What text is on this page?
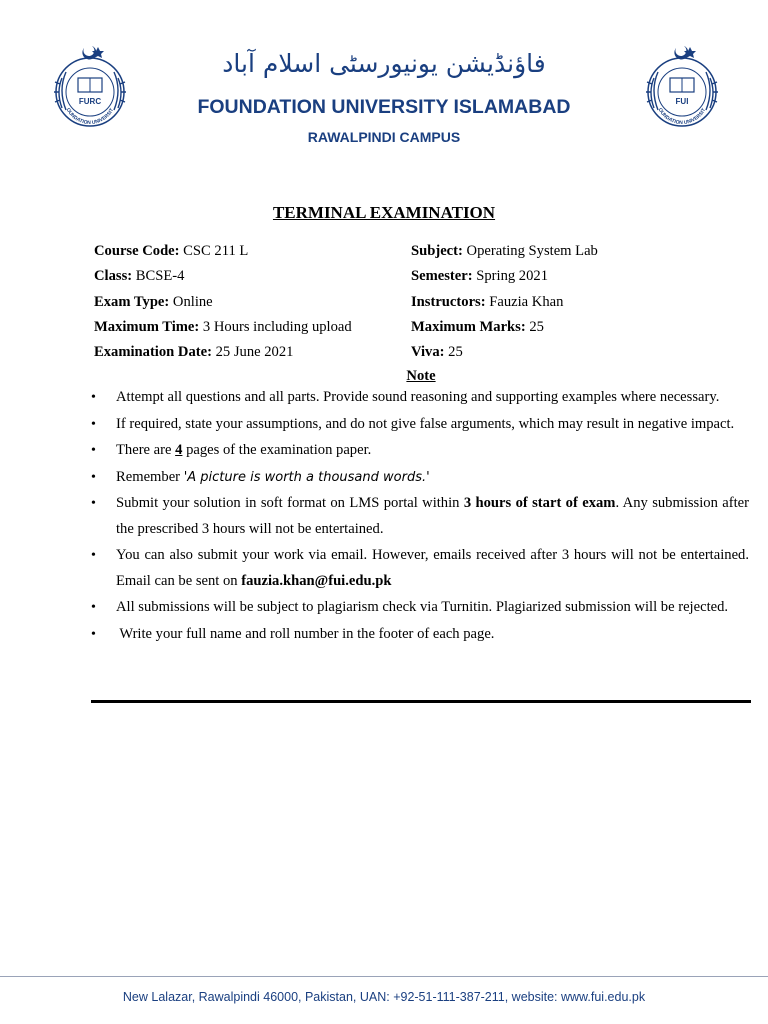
FURC
OUNDATION UNIVERSIT
فاؤنڈیشن یونیورسٹی اسلام آباد
FOUNDATION UNIVERSITY ISLAMABAD
RAWALPINDI CAMPUS
FUI
OUNDATION UNIVERSIT
TERMINAL EXAMINATION
Course Code: CSC 211 L
Class: BCSE-4
Exam Type: Online
Maximum Time: 3 Hours including upload
Examination Date: 25 June 2021
Subject: Operating System Lab
Semester: Spring 2021
Instructors: Fauzia Khan
Maximum Marks: 25
Viva: 25
Note
• Attempt all questions and all parts. Provide sound reasoning and supporting examples where necessary.
• If required, state your assumptions, and do not give false arguments, which may result in negative impact.
• There are 4 pages of the examination paper.
• Remember 'A picture is worth a thousand words.'
• Submit your solution in soft format on LMS portal within 3 hours of start of exam. Any submission after the prescribed 3 hours will not be entertained.
• You can also submit your work via email. However, emails received after 3 hours will not be entertained. Email can be sent on fauzia.khan@fui.edu.pk
• All submissions will be subject to plagiarism check via Turnitin. Plagiarized submission will be rejected.
•  Write your full name and roll number in the footer of each page.
New Lalazar, Rawalpindi 46000, Pakistan, UAN: +92-51-111-387-211, website: www.fui.edu.pk
